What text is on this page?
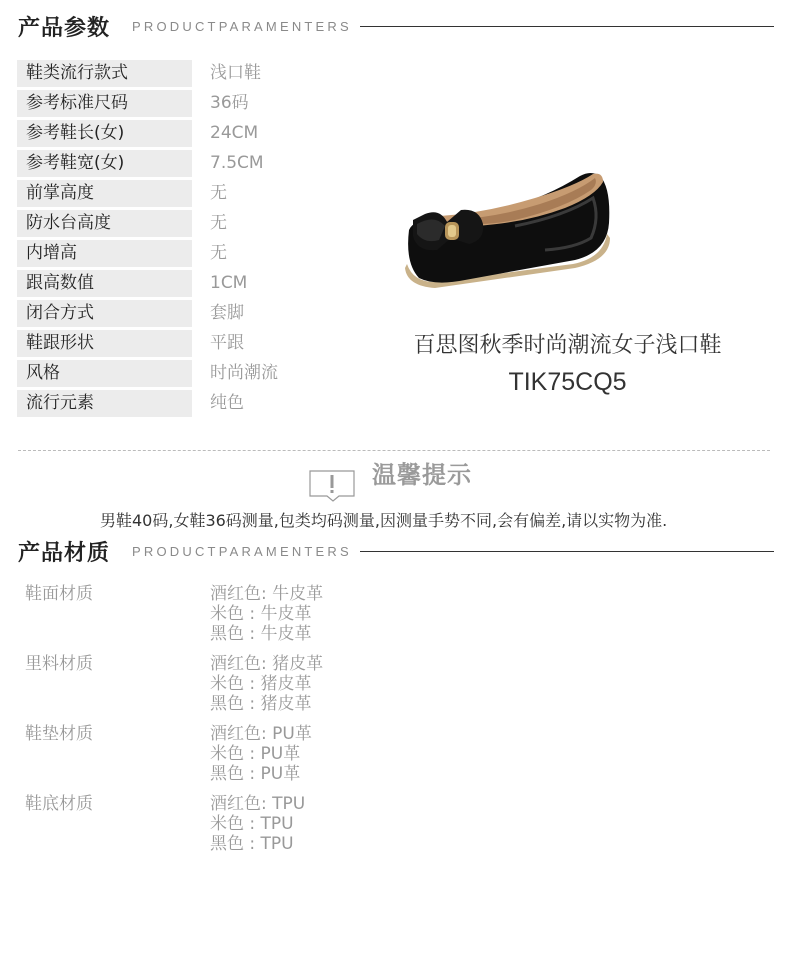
产品参数 PRODUCTPARAMENTERS
鞋类流行款式	浅口鞋
参考标准尺码	36码
参考鞋长(女)	24CM
参考鞋宽(女)	7.5CM
前掌高度	无
防水台高度	无
内增高	无
跟高数值	1CM
闭合方式	套脚
鞋跟形状	平跟
风格	时尚潮流
流行元素	纯色
百思图秋季时尚潮流女子浅口鞋
TIK75CQ5
温馨提示
男鞋40码,女鞋36码测量,包类均码测量,因测量手势不同,会有偏差,请以实物为准.
产品材质 PRODUCTPARAMENTERS
鞋面材质	酒红色: 牛皮革
米色 : 牛皮革
黑色 : 牛皮革
里料材质	酒红色: 猪皮革
米色 : 猪皮革
黑色 : 猪皮革
鞋垫材质	酒红色: PU革
米色 : PU革
黑色 : PU革
鞋底材质	酒红色: TPU
米色 : TPU
黑色 : TPU
